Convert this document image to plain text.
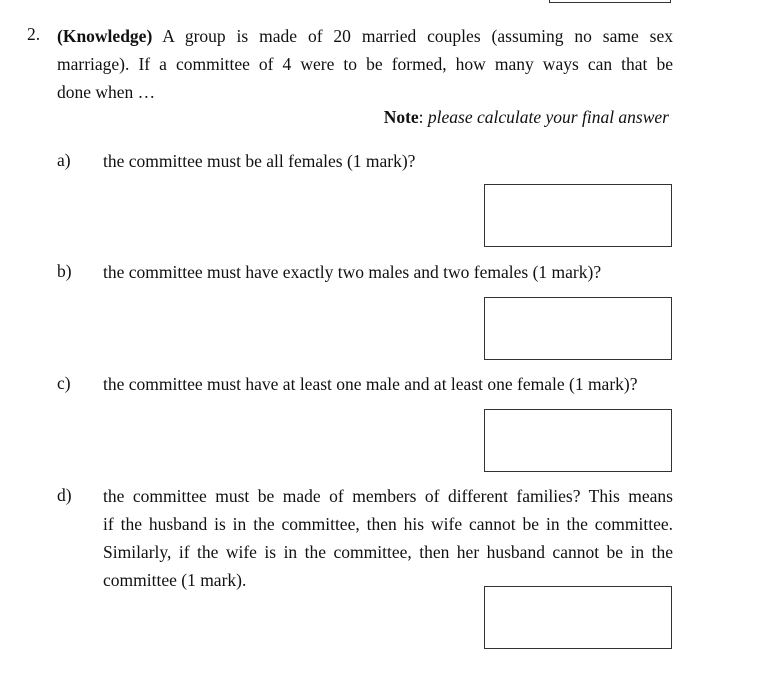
2. (Knowledge) A group is made of 20 married couples (assuming no same sex
marriage). If a committee of 4 were to be formed, how many ways can that be
done when …
Note: please calculate your final answer
a) the committee must be all females (1 mark)?
b) the committee must have exactly two males and two females (1 mark)?
c) the committee must have at least one male and at least one female (1 mark)?
d) the committee must be made of members of different families? This means
if the husband is in the committee, then his wife cannot be in the committee.
Similarly, if the wife is in the committee, then her husband cannot be in the
committee (1 mark).
